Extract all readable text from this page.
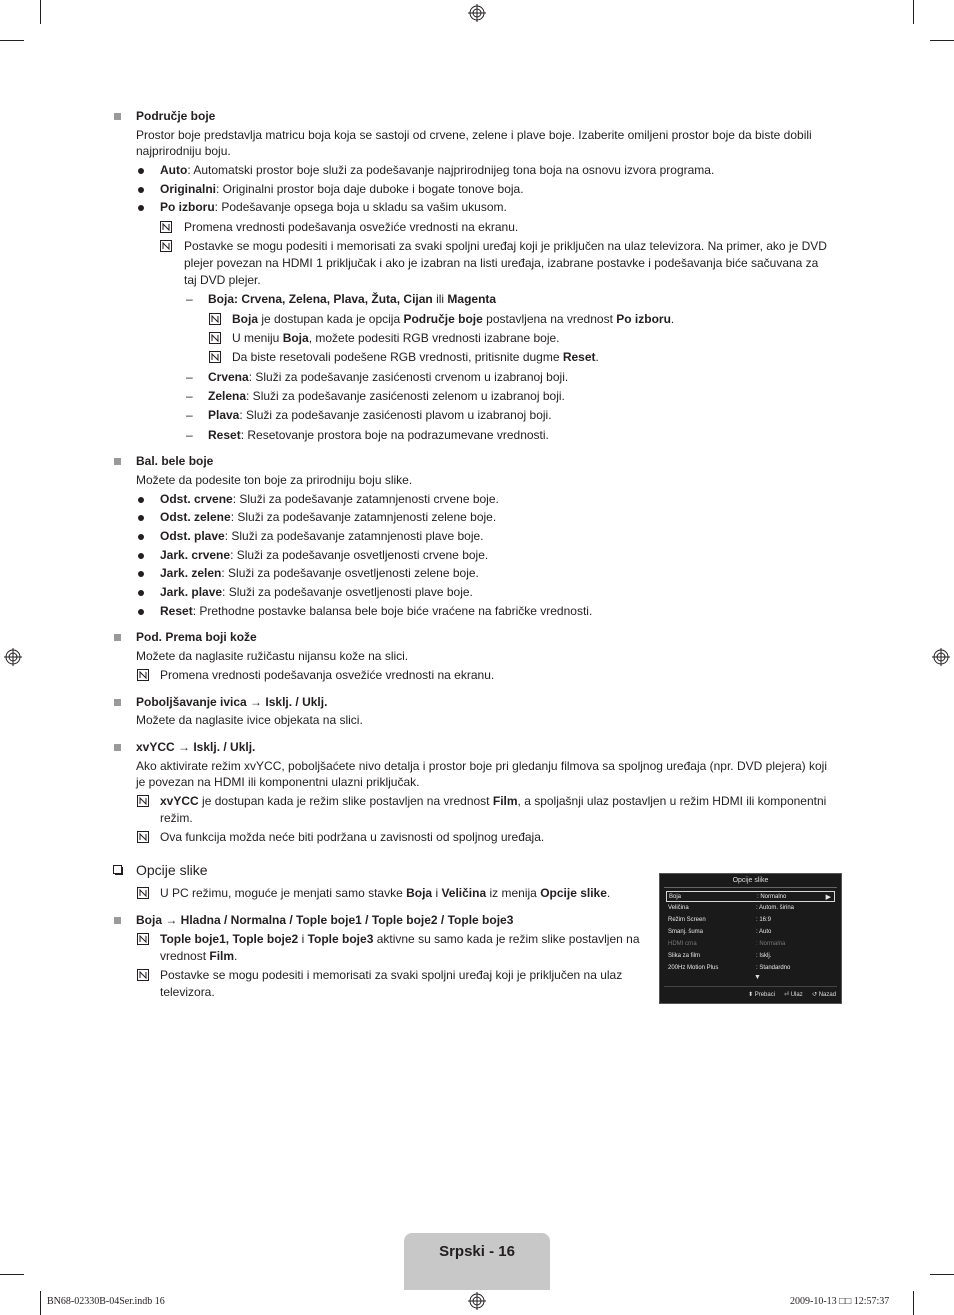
Područje boje
Prostor boje predstavlja matricu boja koja se sastoji od crvene, zelene i plave boje. Izaberite omiljeni prostor boje da biste dobili
najprirodniju boju.
Auto: Automatski prostor boje služi za podešavanje najprirodnijeg tona boja na osnovu izvora programa.
Originalni: Originalni prostor boja daje duboke i bogate tonove boja.
Po izboru: Podešavanje opsega boja u skladu sa vašim ukusom.
Promena vrednosti podešavanja osvežiće vrednosti na ekranu.
Postavke se mogu podesiti i memorisati za svaki spoljni uređaj koji je priključen na ulaz televizora. Na primer, ako je DVD
plejer povezan na HDMI 1 priključak i ako je izabran na listi uređaja, izabrane postavke i podešavanja biće sačuvana za
taj DVD plejer.
– Boja: Crvena, Zelena, Plava, Žuta, Cijan ili Magenta
Boja je dostupan kada je opcija Područje boje postavljena na vrednost Po izboru.
U meniju Boja, možete podesiti RGB vrednosti izabrane boje.
Da biste resetovali podešene RGB vrednosti, pritisnite dugme Reset.
– Crvena: Služi za podešavanje zasićenosti crvenom u izabranoj boji.
– Zelena: Služi za podešavanje zasićenosti zelenom u izabranoj boji.
– Plava: Služi za podešavanje zasićenosti plavom u izabranoj boji.
– Reset: Resetovanje prostora boje na podrazumevane vrednosti.
Bal. bele boje
Možete da podesite ton boje za prirodniju boju slike.
Odst. crvene: Služi za podešavanje zatamnjenosti crvene boje.
Odst. zelene: Služi za podešavanje zatamnjenosti zelene boje.
Odst. plave: Služi za podešavanje zatamnjenosti plave boje.
Jark. crvene: Služi za podešavanje osvetljenosti crvene boje.
Jark. zelen: Služi za podešavanje osvetljenosti zelene boje.
Jark. plave: Služi za podešavanje osvetljenosti plave boje.
Reset: Prethodne postavke balansa bele boje biće vraćene na fabričke vrednosti.
Pod. Prema boji kože
Možete da naglasite ružičastu nijansu kože na slici.
Promena vrednosti podešavanja osvežiće vrednosti na ekranu.
Poboljšavanje ivica → Isklj. / Uklj.
Možete da naglasite ivice objekata na slici.
xvYCC → Isklj. / Uklj.
Ako aktivirate režim xvYCC, poboljšaćete nivo detalja i prostor boje pri gledanju filmova sa spoljnog uređaja (npr. DVD plejera) koji
je povezan na HDMI ili komponentni ulazni priključak.
xvYCC je dostupan kada je režim slike postavljen na vrednost Film, a spoljašnji ulaz postavljen u režim HDMI ili komponentni
režim.
Ova funkcija možda neće biti podržana u zavisnosti od spoljnog uređaja.
Opcije slike
U PC režimu, moguće je menjati samo stavke Boja i Veličina iz menija Opcije slike.
Boja → Hladna / Normalna / Tople boje1 / Tople boje2 / Tople boje3
Tople boje1, Tople boje2 i Tople boje3 aktivne su samo kada je režim slike postavljen na
vrednost Film.
Postavke se mogu podesiti i memorisati za svaki spoljni uređaj koji je priključen na ulaz
televizora.
Opcije slike
Boja	: Normalno	▶
Veličina	: Autom. širina
Režim Screen	: 16:9
Smanj. šuma	: Auto
HDMI crna	: Normalna
Slika za film	: Isklj.
200Hz Motion Plus	: Standardno
▼
⬍ Prebaci ⏎ Ulaz ↺ Nazad
Srpski - 16
BN68-02330B-04Ser.indb 16	2009-10-13 □□ 12:57:37
